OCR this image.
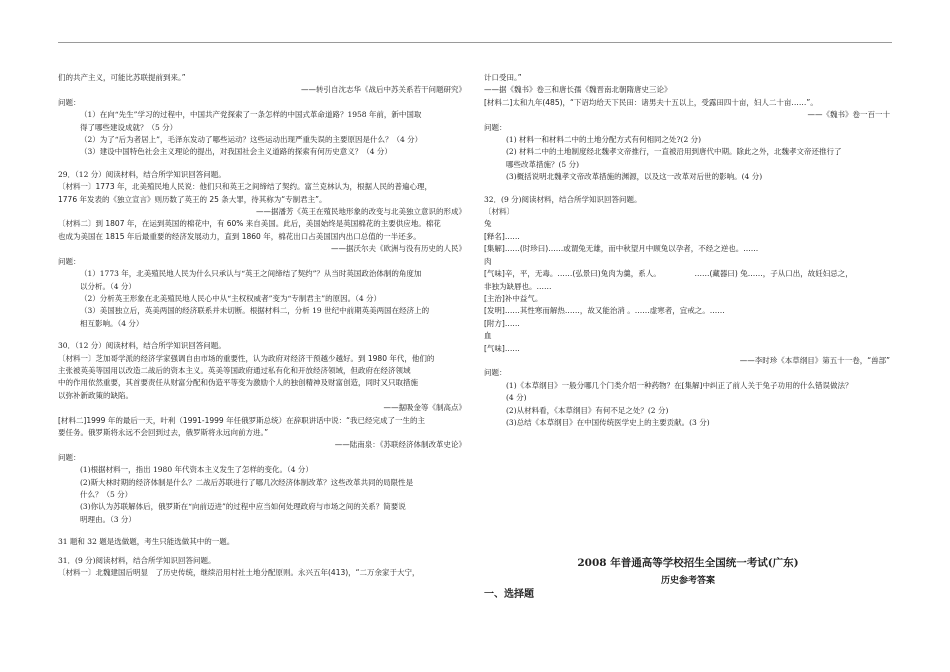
们的共产主义，可能比苏联提前到来。”

——转引自沈志华《战后中苏关系若干问题研究》

问题：

（1）在向“先生”学习的过程中，中国共产党探索了一条怎样的中国式革命道路？1958 年前，新中国取

得了哪些建设成就？（5 分）

（2）为了“后为者居上”，毛泽东发动了哪些运动？这些运动出现严重失误的主要原因是什么？（4 分）

（3）建设中国特色社会主义理论的提出，对我国社会主义道路的探索有何历史意义？（4 分）

29．（12 分）阅读材料，结合所学知识回答问题。

〔材料一〕1773 年，北美殖民地人民说：他们只和英王之间缔结了契约。富兰克林认为，根据人民的普遍心理，

1776 年发表的《独立宣言》则历数了英王的 25 条大罪，待其称为“专制君主”。

——据潘芳《英王在殖民地形象的改变与北美独立意识的形成》

〔材料二〕到 1807 年，在运到英国的棉花中，有 60% 来自美国。此后，美国始终是英国棉花的主要供应地。棉花

也成为美国在 1815 年后最重要的经济发展动力，直到 1860 年，棉花出口占美国国内出口总值的一半还多。

——据沃尔夫《欧洲与没有历史的人民》

问题：

（1）1773 年，北美殖民地人民为什么只承认与“英王之间缔结了契约”？从当时英国政治体制的角度加

以分析。（4 分）

（2）分析英王形象在北美殖民地人民心中从“主权权威者”变为“专制君主”的原因。（4 分）

（3）美国独立后，英美两国的经济联系并未切断。根据材料二，分析 19 世纪中前期英美两国在经济上的

相互影响。（4 分）

30．（12 分）阅读材料，结合所学知识回答问题。

〔材料一〕芝加哥学派的经济学家强调自由市场的重要性，认为政府对经济干预越少越好。到 1980 年代，他们的

主张被英美等国用以改造二战后的资本主义。英美等国政府通过私有化和开放经济领域，但政府在经济领域

中的作用依然重要，其首要责任从财富分配和伪造平等变为激励个人的独创精神及财富创造，同时又只取措施

以弥补新政策的缺陷。

——据吸金等《制高点》

[材料二]1999 年的最后一天，叶利（1991-1999 年任俄罗斯总统）在辞职讲话中说：“我已经完成了一生的主

要任务。俄罗斯将永远不会回到过去，俄罗斯将永远向前方进。”

——陆南泉：《苏联经济体制改革史论》

问题：

(1)根据材料一，指出 1980 年代资本主义发生了怎样的变化。（4 分）

(2)斯大林时期的经济体制是什么？二战后苏联进行了哪几次经济体制改革？这些改革共同的局限性是

什么？（5 分）

(3)你认为苏联解体后，俄罗斯在“向前迈进”的过程中应当如何处理政府与市场之间的关系？简要说

明理由。（3 分）

31 题和 32 题是选做题，考生只能选做其中的一题。

31．(9 分)阅读材料，结合所学知识回答问题。

〔材料一〕北魏建国后明显　了历史传统，继续沿用村社土地分配原则。永兴五年(413)，“二万余家于大宁，

计口受田。”

——据《魏书》卷三和唐长孺《魏晋南北朝隋唐史三论》

[材料二]太和九年(485)，“下诏均给天下民田：诸男夫十五以上，受露田四十亩，妇人二十亩……”。

——《魏书》卷一百一十

问题：

(1) 材料一和材料二中的土地分配方式有何相同之处?(2 分)

(2) 材料二中的土地制度经北魏孝文帝推行，一直被沿用到唐代中期。除此之外，北魏孝文帝还推行了

哪些改革措施？(5 分)

(3)概括说明北魏孝文帝改革措施的渊源，以及这一改革对后世的影响。(4 分)

32．(9 分)阅读材料，结合所学知识回答问题。

〔材料〕

兔

[释名]……

[集解]……(时珍曰)……或谓兔无雄，而中秋望月中顾兔以孕者，不经之逆也。……

肉

[气味]辛，平，无毒。……(弘景曰)兔肉为羹，系人。　　　　　……(藏器曰) 兔……，子从口出，故妊妇忌之，

非独为缺唇也。……

[主治]补中益气。

[发明]……其性寒而解热……，故又能治消 。……虚寒者，宜戒之。……

[附方]……

血

[气味]……

——李时珍《本草纲目》第五十一卷，“兽部”

问题：

(1)《本草纲目》一般分哪几个门类介绍一种药物？在[集解]中纠正了前人关于兔子功用的什么错误做法？

(4 分)

(2)从材料看，《本草纲目》有何不足之处？(2 分)

(3)总结《本草纲目》在中国传统医学史上的主要贡献。(3 分)

2008 年普通高等学校招生全国统一考试(广东)
历史参考答案
一、选择题
